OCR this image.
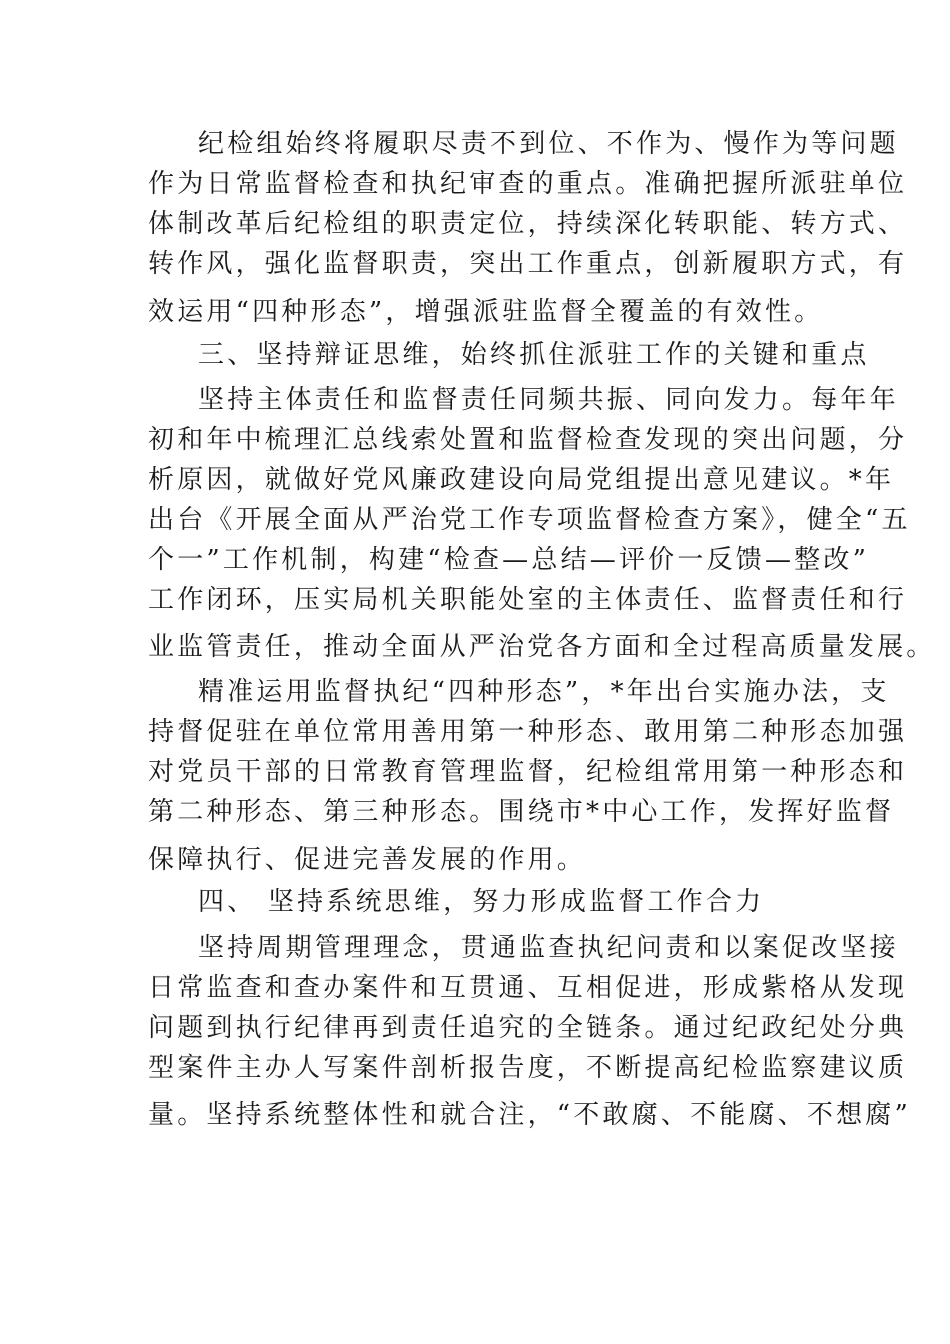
纪检组始终将履职尽责不到位、不作为、慢作为等问题
作为日常监督检查和执纪审查的重点。准确把握所派驻单位
体制改革后纪检组的职责定位，持续深化转职能、转方式、
转作风，强化监督职责，突出工作重点，创新履职方式，有
效运用“四种形态”，增强派驻监督全覆盖的有效性。
三、坚持辩证思维，始终抓住派驻工作的关键和重点
坚持主体责任和监督责任同频共振、同向发力。每年年
初和年中梳理汇总线索处置和监督检查发现的突出问题，分
析原因，就做好党风廉政建设向局党组提出意见建议。*年
出台《开展全面从严治党工作专项监督检查方案》，健全“五
个一”工作机制，构建“检查—总结—评价一反馈—整改”
工作闭环，压实局机关职能处室的主体责任、监督责任和行
业监管责任，推动全面从严治党各方面和全过程高质量发展。
精准运用监督执纪“四种形态”，*年出台实施办法，支
持督促驻在单位常用善用第一种形态、敢用第二种形态加强
对党员干部的日常教育管理监督，纪检组常用第一种形态和
第二种形态、第三种形态。围绕市*中心工作，发挥好监督
保障执行、促进完善发展的作用。
四、 坚持系统思维，努力形成监督工作合力
坚持周期管理理念，贯通监查执纪问责和以案促改坚接
日常监查和查办案件和互贯通、互相促进，形成紫格从发现
问题到执行纪律再到责任追究的全链条。通过纪政纪处分典
型案件主办人写案件剖析报告度，不断提高纪检监察建议质
量。坚持系统整体性和就合注，“不敢腐、不能腐、不想腐”
